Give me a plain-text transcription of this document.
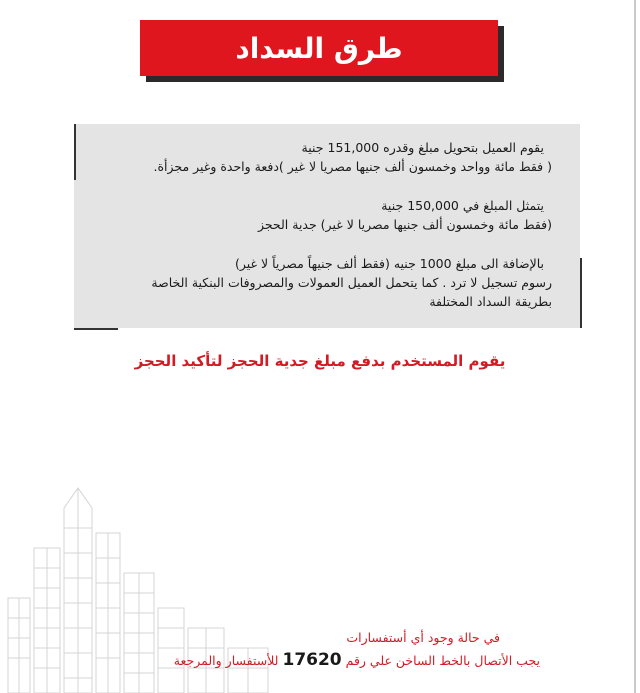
طرق السداد
يقوم العميل بتحويل مبلغ وقدره 151,000 جنية
( فقط مائة وواحد وخمسون ألف جنيها مصريا لا غير )دفعة واحدة وغير مجزأة.
يتمثل المبلغ في 150,000 جنية
(فقط مائة وخمسون ألف جنيها مصريا لا غير) جدية الحجز
بالإضافة الى مبلغ 1000 جنيه (فقط ألف جنيهاً مصرياً لا غير)
رسوم تسجيل لا ترد . كما يتحمل العميل العمولات والمصروفات البنكية الخاصة
بطريقة السداد المختلفة
يقوم المستخدم بدفع مبلغ جدية الحجز لتأكيد الحجز
في حالة وجود أي أستفسارات
يجب الأتصال بالخط الساخن علي رقم 17620 للأستفسار والمرجعة
